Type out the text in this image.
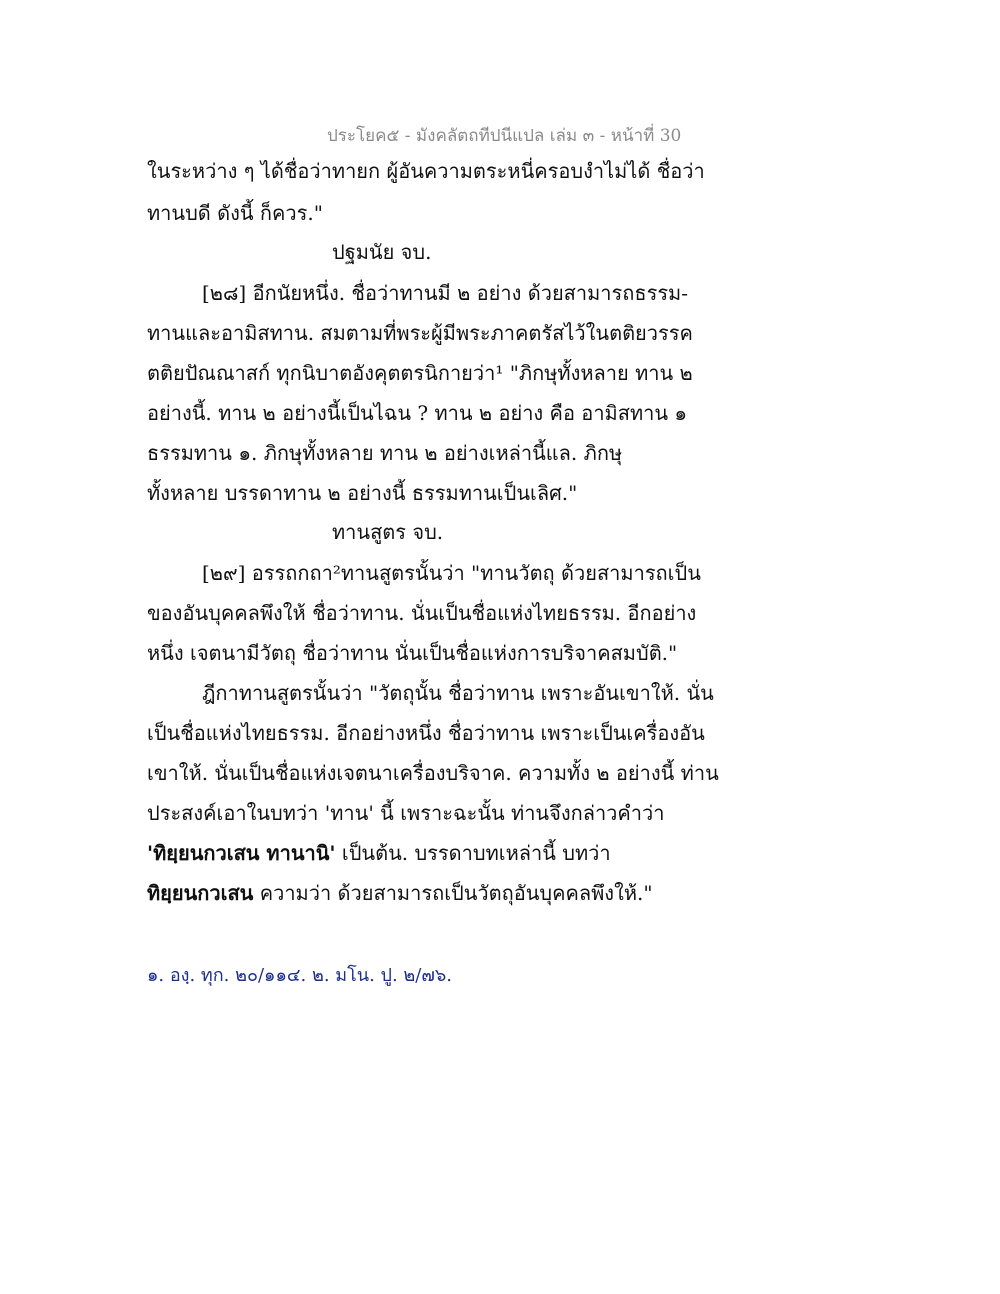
ประโยค๕ - มังคลัตถทีปนีแปล เล่ม ๓ - หน้าที่ 30
ในระหว่าง ๆ ได้ชื่อว่าทายก ผู้อันความตระหนี่ครอบงำไม่ได้ ชื่อว่า
ทานบดี ดังนี้ ก็ควร."
ปฐมนัย จบ.
[๒๘] อีกนัยหนึ่ง. ชื่อว่าทานมี ๒ อย่าง ด้วยสามารถธรรม-
ทานและอามิสทาน. สมตามที่พระผู้มีพระภาคตรัสไว้ในตติยวรรค
ตติยปัณณาสก์ ทุกนิบาตอังคุตตรนิกายว่า¹ "ภิกษุทั้งหลาย ทาน ๒
อย่างนี้. ทาน ๒ อย่างนี้เป็นไฉน ? ทาน ๒ อย่าง คือ อามิสทาน ๑
ธรรมทาน ๑. ภิกษุทั้งหลาย ทาน ๒ อย่างเหล่านี้แล. ภิกษุ
ทั้งหลาย บรรดาทาน ๒ อย่างนี้ ธรรมทานเป็นเลิศ."
ทานสูตร จบ.
[๒๙] อรรถกถา²ทานสูตรนั้นว่า "ทานวัตถุ ด้วยสามารถเป็น
ของอันบุคคลพึงให้ ชื่อว่าทาน. นั่นเป็นชื่อแห่งไทยธรรม. อีกอย่าง
หนึ่ง เจตนามีวัตถุ ชื่อว่าทาน นั่นเป็นชื่อแห่งการบริจาคสมบัติ."
ฎีกาทานสูตรนั้นว่า "วัตถุนั้น ชื่อว่าทาน เพราะอันเขาให้. นั่น
เป็นชื่อแห่งไทยธรรม. อีกอย่างหนึ่ง ชื่อว่าทาน เพราะเป็นเครื่องอัน
เขาให้. นั่นเป็นชื่อแห่งเจตนาเครื่องบริจาค. ความทั้ง ๒ อย่างนี้ ท่าน
ประสงค์เอาในบทว่า 'ทาน' นี้ เพราะฉะนั้น ท่านจึงกล่าวคำว่า
'ทิยฺยนกวเสน ทานานิ' เป็นต้น. บรรดาบทเหล่านี้ บทว่า
ทิยฺยนกวเสน ความว่า ด้วยสามารถเป็นวัตถุอันบุคคลพึงให้."
๑. องฺ. ทุก. ๒๐/๑๑๔. ๒. มโน. ปู. ๒/๗๖.
